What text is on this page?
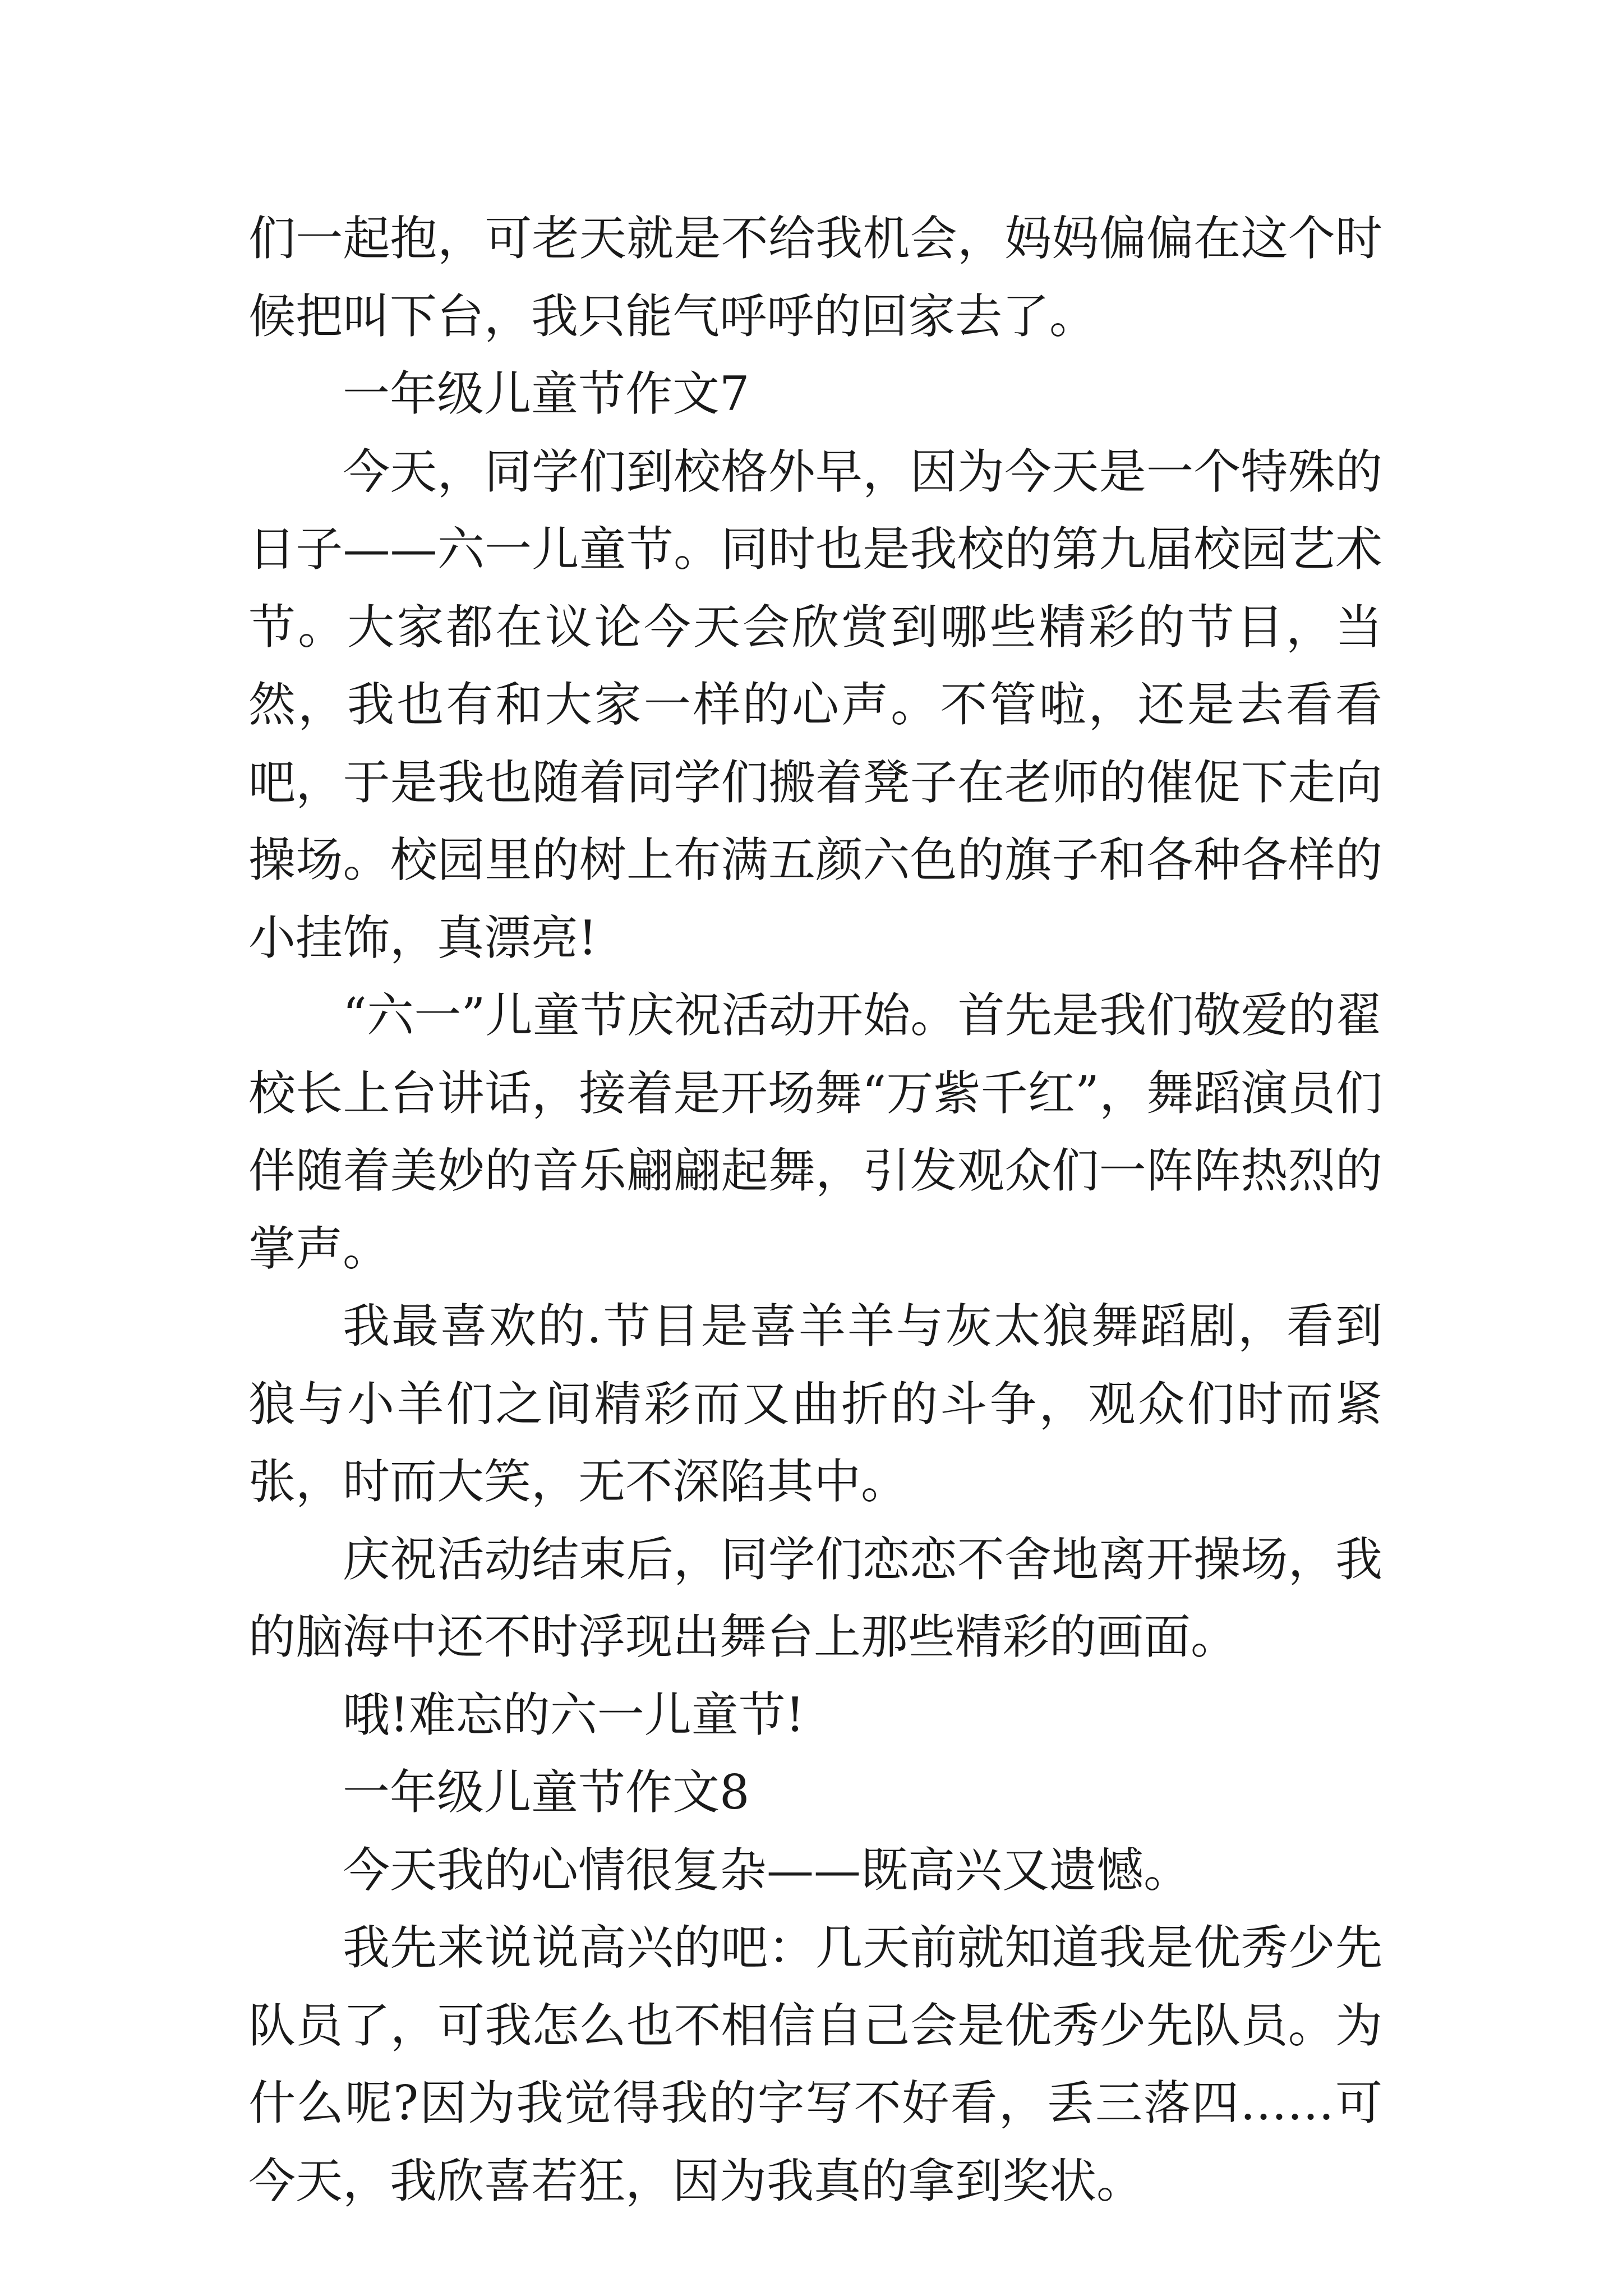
们一起抱，可老天就是不给我机会，妈妈偏偏在这个时候把叫下台，我只能气呼呼的回家去了。

一年级儿童节作文7

今天，同学们到校格外早，因为今天是一个特殊的日子——六一儿童节。同时也是我校的第九届校园艺术节。大家都在议论今天会欣赏到哪些精彩的节目，当然，我也有和大家一样的心声。不管啦，还是去看看吧，于是我也随着同学们搬着凳子在老师的催促下走向操场。校园里的树上布满五颜六色的旗子和各种各样的小挂饰，真漂亮!

“六一”儿童节庆祝活动开始。首先是我们敬爱的翟校长上台讲话，接着是开场舞“万紫千红”，舞蹈演员们伴随着美妙的音乐翩翩起舞，引发观众们一阵阵热烈的掌声。

我最喜欢的.节目是喜羊羊与灰太狼舞蹈剧，看到狼与小羊们之间精彩而又曲折的斗争，观众们时而紧张，时而大笑，无不深陷其中。

庆祝活动结束后，同学们恋恋不舍地离开操场，我的脑海中还不时浮现出舞台上那些精彩的画面。

哦!难忘的六一儿童节!

一年级儿童节作文8

今天我的心情很复杂——既高兴又遗憾。

我先来说说高兴的吧：几天前就知道我是优秀少先队员了，可我怎么也不相信自己会是优秀少先队员。为什么呢?因为我觉得我的字写不好看，丢三落四……可今天，我欣喜若狂，因为我真的拿到奖状。
